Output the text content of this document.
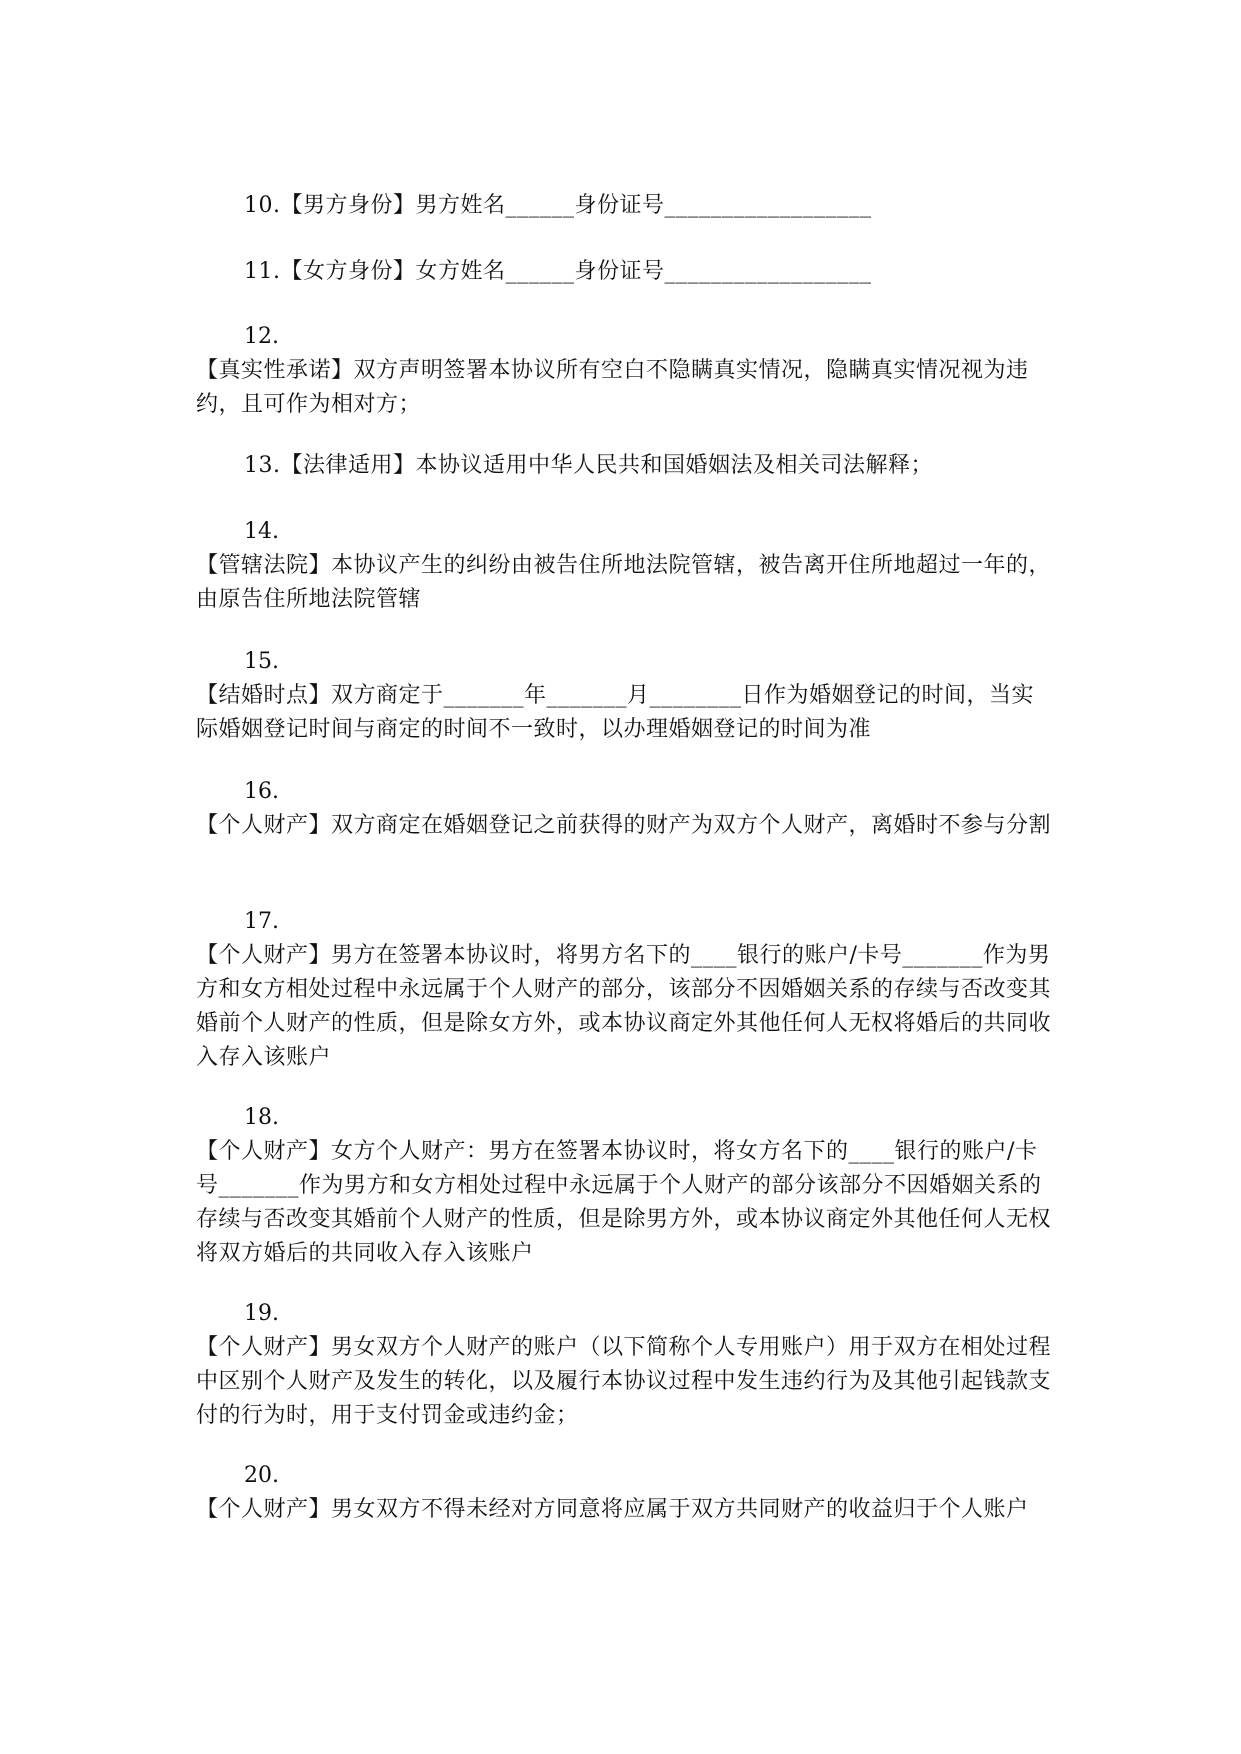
10.【男方身份】男方姓名______身份证号__________________
11.【女方身份】女方姓名______身份证号__________________
12.
【真实性承诺】双方声明签署本协议所有空白不隐瞒真实情况，隐瞒真实情况视为违约，且可作为相对方；
13.【法律适用】本协议适用中华人民共和国婚姻法及相关司法解释；
14.
【管辖法院】本协议产生的纠纷由被告住所地法院管辖，被告离开住所地超过一年的，由原告住所地法院管辖
15.
【结婚时点】双方商定于_______年_______月________日作为婚姻登记的时间，当实际婚姻登记时间与商定的时间不一致时，以办理婚姻登记的时间为准
16.
【个人财产】双方商定在婚姻登记之前获得的财产为双方个人财产，离婚时不参与分割
17.
【个人财产】男方在签署本协议时，将男方名下的____银行的账户/卡号_______作为男方和女方相处过程中永远属于个人财产的部分，该部分不因婚姻关系的存续与否改变其婚前个人财产的性质，但是除女方外，或本协议商定外其他任何人无权将婚后的共同收入存入该账户
18.
【个人财产】女方个人财产：男方在签署本协议时，将女方名下的____银行的账户/卡号_______作为男方和女方相处过程中永远属于个人财产的部分该部分不因婚姻关系的存续与否改变其婚前个人财产的性质，但是除男方外，或本协议商定外其他任何人无权将双方婚后的共同收入存入该账户
19.
【个人财产】男女双方个人财产的账户（以下简称个人专用账户）用于双方在相处过程中区别个人财产及发生的转化，以及履行本协议过程中发生违约行为及其他引起钱款支付的行为时，用于支付罚金或违约金；
20.
【个人财产】男女双方不得未经对方同意将应属于双方共同财产的收益归于个人账户
